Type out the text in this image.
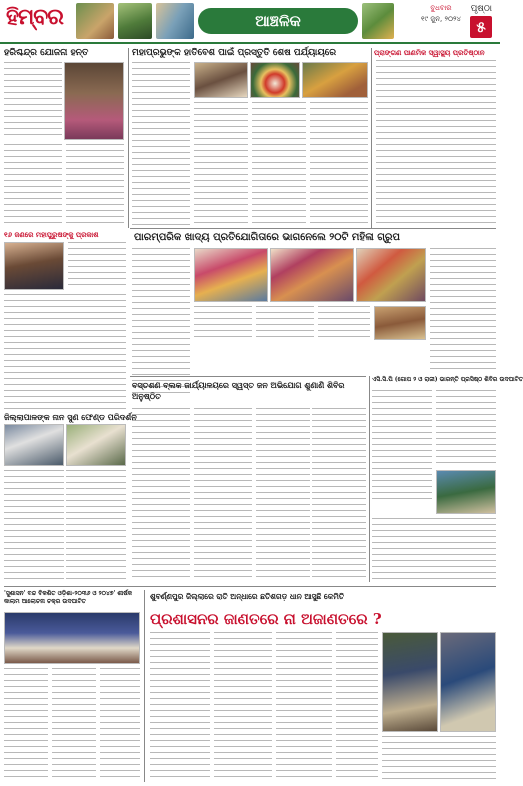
ହିମ୍ବର	ଆଞ୍ଚଳିକ
ବୁଧବାର
୧୯ ଜୁନ, ୨୦୨୪
ପୃଷ୍ଠା
୫
ହରିଶ୍ଚନ୍ଦ୍ର ଯୋଜନା ହନ୍ତ	ମହାପ୍ରଭୁଙ୍କ ହାତିବେଶ ପାଇଁ ପ୍ରସ୍ତୁତି ଶେଷ ପର୍ଯ୍ୟାୟରେ	ପ୍ରାଙ୍ଗଣ ପାଣମିକ ସ୍ୱାସ୍ଥ୍ୟ ପ୍ରତିଷ୍ଠାନ
୧୬ ଜଣରେ ମହାପୁରୁଷଙ୍କୁ ପ୍ରକାଶ	ପାରମ୍ପରିକ ଖାଦ୍ୟ ପ୍ରତିଯୋଗିତାରେ ଭାଗନେଲେ ୨୦ଟି ମହିଳା ଗ୍ରୁପ
ଜିଲ୍ଲାପାଳଙ୍କ ନାନ ସୁଣ ଫେଣ୍ଡ ପରିଦର୍ଶନ
ବସ୍ତଶଣ ବ୍ଲକ ଜାର୍ଯ୍ୟାଳୟରେ ସ୍ୱସ୍ତ ଜନ ଅଭିଯୋଗ ଶୁଣାଣି ଶିବିର ଅନୁଷ୍ଠିତ
ଏସି.ସି.ପି (ଗୋପ ୨ ଓ ରାଜୀ) ଭାରନ୍ତି ପ୍ରସିଷ୍ଠ ଶିବିର ଉଦଘାଟିତ
'ସୁଶାସନ' ବନ୍ଦ ବିକଶିତ ଓଡ଼ିଶା-୨୦୩୬ ଓ ୨୦୪୭' ଶୀର୍ଷକ କାଲାମ ଆଲୋଚନା ଚକ୍ର ଉଦଘାଟିତ
ପ୍ରଶାସନର ଜାଣତରେ ନା ଅଜାଣତରେ ?
ଶୁବର୍ଣ୍ଣପୁର ଜିଲ୍ଲାରେ ରାତି ଅନ୍ଧାରେ ଛତିଶଗଡ଼ ଧାନ ଆସୁଛି କେମିତି
